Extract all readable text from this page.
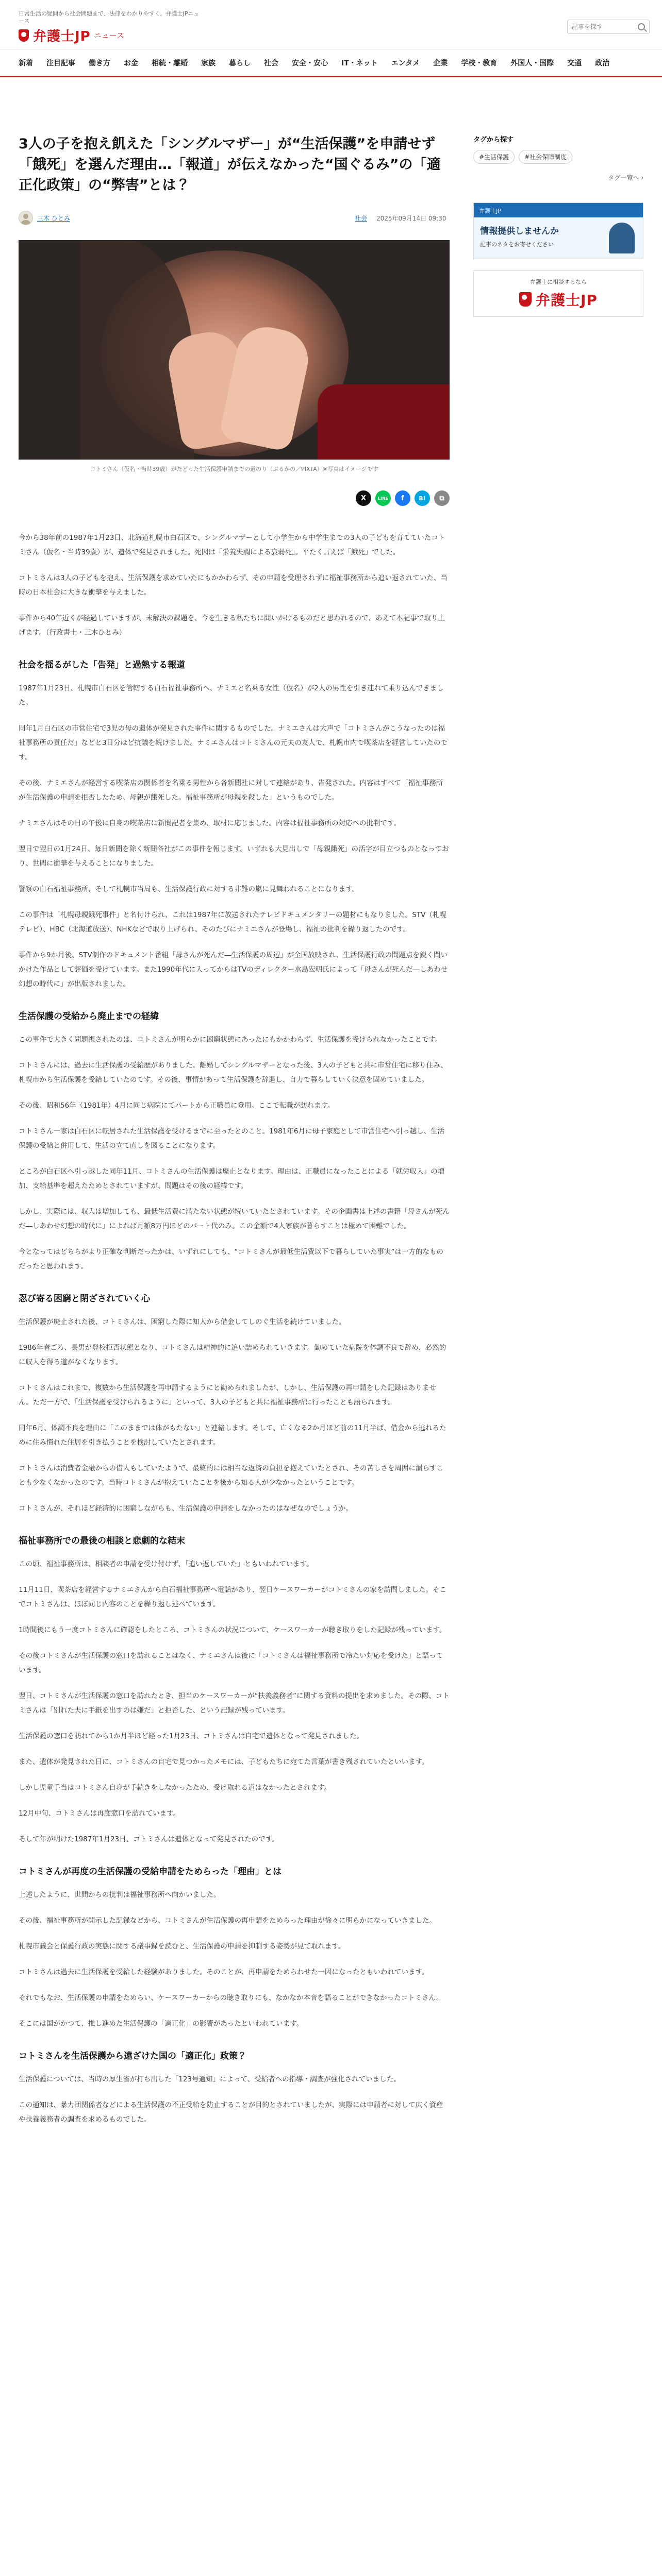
日常生活の疑問から社会問題まで、法律をわかりやすく。弁護士JPニュース
弁護士JP ニュース
記事を探す
新着 注目記事 働き方 お金 相続・離婚 家族 暮らし 社会 安全・安心 IT・ネット エンタメ 企業 学校・教育 外国人・国際 交通 政治
3人の子を抱え飢えた「シングルマザー」が“生活保護”を申請せず「餓死」を選んだ理由…「報道」が伝えなかった“国ぐるみ”の「適正化政策」の“弊害”とは？
三木 ひとみ	社会 2025年09月14日 09:30
コトミさん（仮名・当時39歳）がたどった生活保護申請までの道のり（ぷるかの／PIXTA）※写真はイメージです
X	LINE	f	B!	⧉

今から38年前の1987年1月23日、北海道札幌市白石区で、シングルマザーとして小学生から中学生までの3人の子どもを育てていたコトミさん（仮名・当時39歳）が、遺体で発見されました。死因は「栄養失調による衰弱死」。平たく言えば「餓死」でした。

コトミさんは3人の子どもを抱え、生活保護を求めていたにもかかわらず、その申請を受理されずに福祉事務所から追い返されていた、当時の日本社会に大きな衝撃を与えました。

事件から40年近くが経過していますが、未解決の課題を、今を生きる私たちに問いかけるものだと思われるので、あえて本記事で取り上げます。（行政書士・三木ひとみ）

社会を揺るがした「告発」と過熱する報道

1987年1月23日、札幌市白石区を管轄する白石福祉事務所へ、ナミエと名乗る女性（仮名）が2人の男性を引き連れて乗り込んできました。

同年1月白石区の市営住宅で3児の母の遺体が発見された事件に関するものでした。ナミエさんは大声で「コトミさんがこうなったのは福祉事務所の責任だ」などと3日分ほど抗議を続けました。ナミエさんはコトミさんの元夫の友人で、札幌市内で喫茶店を経営していたのです。

その後、ナミエさんが経営する喫茶店の関係者を名乗る男性から各新聞社に対して連絡があり、告発された。内容はすべて「福祉事務所が生活保護の申請を拒否したため、母親が餓死した。福祉事務所が母親を殺した」というものでした。

ナミエさんはその日の午後に自身の喫茶店に新聞記者を集め、取材に応じました。内容は福祉事務所の対応への批判です。

翌日で翌日の1月24日、毎日新聞を除く新聞各社がこの事件を報じます。いずれも大見出しで「母親餓死」の活字が目立つものとなっており、世間に衝撃を与えることになりました。

警察の白石福祉事務所、そして札幌市当局も、生活保護行政に対する非難の嵐に見舞われることになります。

この事件は「札幌母親餓死事件」と名付けられ、これは1987年に放送されたテレビドキュメンタリーの題材にもなりました。STV（札幌テレビ）、HBC（北海道放送）、NHKなどで取り上げられ、そのたびにナミエさんが登場し、福祉の批判を繰り返したのです。

事件から9か月後、STV制作のドキュメント番組「母さんが死んだ―生活保護の周辺」が全国放映され、生活保護行政の問題点を鋭く問いかけた作品として評価を受けています。また1990年代に入ってからはTVのディレクター水島宏明氏によって「母さんが死んだ―しあわせ幻想の時代に」が出版されました。

生活保護の受給から廃止までの経緯

この事件で大きく問題視されたのは、コトミさんが明らかに困窮状態にあったにもかかわらず、生活保護を受けられなかったことです。

コトミさんには、過去に生活保護の受給歴がありました。離婚してシングルマザーとなった後、3人の子どもと共に市営住宅に移り住み、札幌市から生活保護を受給していたのです。その後、事情があって生活保護を辞退し、自力で暮らしていく決意を固めていました。

その後、昭和56年（1981年）4月に同じ病院にてパートから正職員に登用。ここで転職が訪れます。

コトミさん一家は白石区に転居された生活保護を受けるまでに至ったとのこと。1981年6月に母子家庭として市営住宅へ引っ越し、生活保護の受給と併用して、生活の立て直しを図ることになります。

ところが白石区へ引っ越した同年11月、コトミさんの生活保護は廃止となります。理由は、正職員になったことによる「就労収入」の増加、支給基準を超えたためとされていますが、問題はその後の経緯です。

しかし、実際には、収入は増加しても、最低生活費に満たない状態が続いていたとされています。その企画書は上述の書籍「母さんが死んだ―しあわせ幻想の時代に」によれば月額8万円ほどのパート代のみ。この金額で4人家族が暮らすことは極めて困難でした。

今となってはどちらがより正確な判断だったかは、いずれにしても、“コトミさんが最低生活費以下で暮らしていた事実”は一方的なものだったと思われます。

忍び寄る困窮と閉ざされていく心

生活保護が廃止された後、コトミさんは、困窮した際に知人から借金してしのぐ生活を続けていました。

1986年春ごろ、長男が登校拒否状態となり、コトミさんは精神的に追い詰められていきます。勤めていた病院を体調不良で辞め、必然的に収入を得る道がなくなります。

コトミさんはこれまで、複数から生活保護を再申請するようにと勧められましたが、しかし、生活保護の再申請をした記録はありません。ただ一方で、「生活保護を受けられるように」といって、3人の子どもと共に福祉事務所に行ったことも語られます。

同年6月、体調不良を理由に「このままでは体がもたない」と連絡します。そして、亡くなる2か月ほど前の11月半ば、借金から逃れるために住み慣れた住居を引き払うことを検討していたとされます。

コトミさんは消費者金融からの借入もしていたようで、最終的には相当な返済の負担を抱えていたとされ、その苦しさを周囲に漏らすことも少なくなかったのです。当時コトミさんが抱えていたことを後から知る人が少なかったということです。

コトミさんが、それほど経済的に困窮しながらも、生活保護の申請をしなかったのはなぜなのでしょうか。

福祉事務所での最後の相談と悲劇的な結末

この頃、福祉事務所は、相談者の申請を受け付けず、「追い返していた」ともいわれています。

11月11日、喫茶店を経営するナミエさんから白石福祉事務所へ電話があり、翌日ケースワーカーがコトミさんの家を訪問しました。そこでコトミさんは、ほぼ同じ内容のことを繰り返し述べています。

1時間後にもう一度コトミさんに確認をしたところ、コトミさんの状況について、ケースワーカーが聴き取りをした記録が残っています。

その後コトミさんが生活保護の窓口を訪れることはなく、ナミエさんは後に「コトミさんは福祉事務所で冷たい対応を受けた」と語っています。

翌日、コトミさんが生活保護の窓口を訪れたとき、担当のケースワーカーが“扶養義務者”に関する資料の提出を求めました。その際、コトミさんは「別れた夫に手紙を出すのは嫌だ」と拒否した、という記録が残っています。

生活保護の窓口を訪れてから1か月半ほど経った1月23日、コトミさんは自宅で遺体となって発見されました。

また、遺体が発見された日に、コトミさんの自宅で見つかったメモには、子どもたちに宛てた言葉が書き残されていたといいます。

しかし児童手当はコトミさん自身が手続きをしなかったため、受け取れる道はなかったとされます。

12月中旬、コトミさんは再度窓口を訪れています。

そして年が明けた1987年1月23日、コトミさんは遺体となって発見されたのです。

コトミさんが再度の生活保護の受給申請をためらった「理由」とは

上述したように、世間からの批判は福祉事務所へ向かいました。

その後、福祉事務所が開示した記録などから、コトミさんが生活保護の再申請をためらった理由が徐々に明らかになっていきました。

札幌市議会と保護行政の実態に関する議事録を読むと、生活保護の申請を抑制する姿勢が見て取れます。

コトミさんは過去に生活保護を受給した経験がありました。そのことが、再申請をためらわせた一因になったともいわれています。

それでもなお、生活保護の申請をためらい、ケースワーカーからの聴き取りにも、なかなか本音を語ることができなかったコトミさん。

そこには国がかつて、推し進めた生活保護の「適正化」の影響があったといわれています。

コトミさんを生活保護から遠ざけた国の「適正化」政策？

生活保護については、当時の厚生省が打ち出した「123号通知」によって、受給者への指導・調査が強化されていました。

この通知は、暴力団関係者などによる生活保護の不正受給を防止することが目的とされていましたが、実際には申請者に対して広く資産や扶養義務者の調査を求めるものでした。

タグから探す
#生活保護	#社会保障制度
タグ一覧へ ›
弁護士JP
情報提供しませんか
記事のネタをお寄せください
弁護士に相談するなら
弁護士JP
